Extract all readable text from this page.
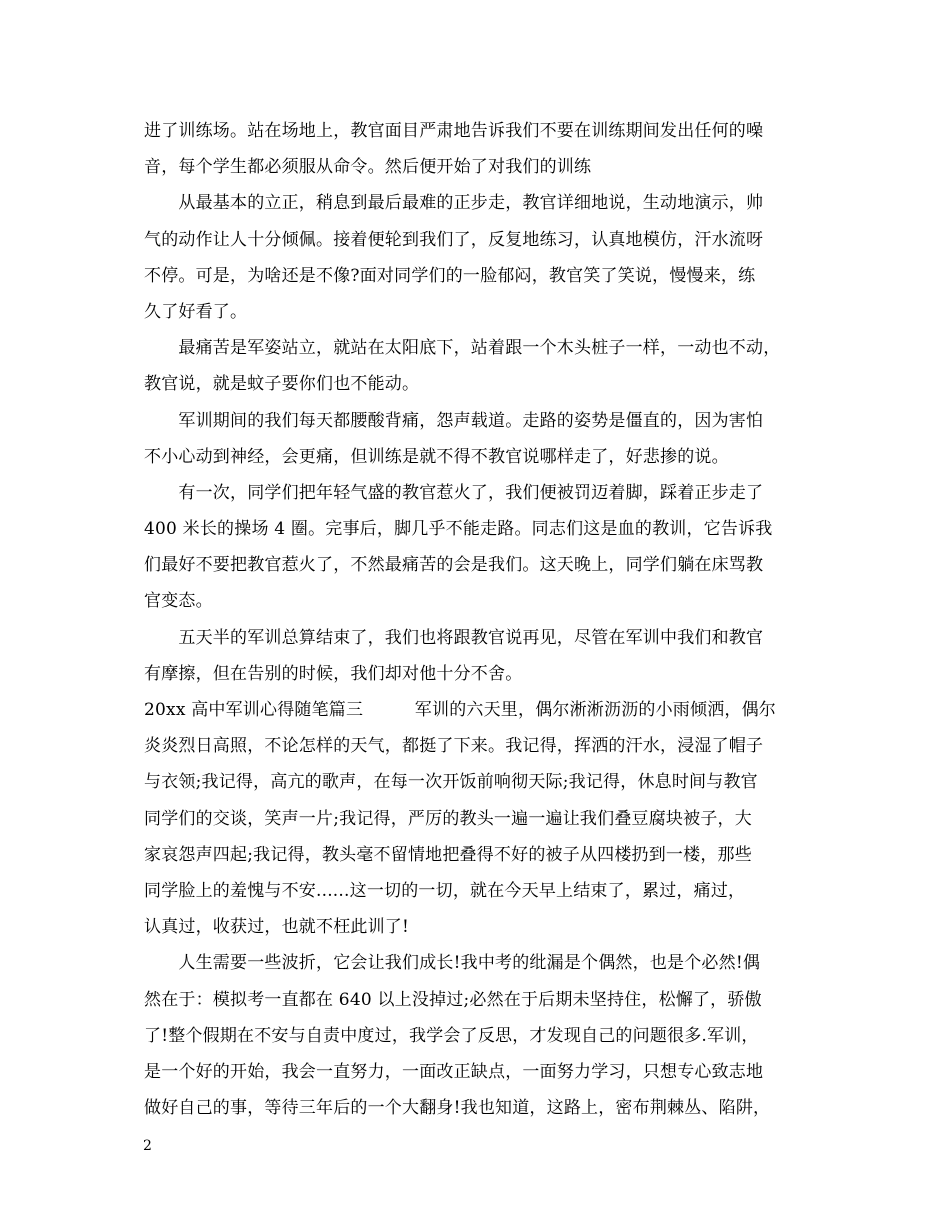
进了训练场。站在场地上，教官面目严肃地告诉我们不要在训练期间发出任何的噪
音，每个学生都必须服从命令。然后便开始了对我们的训练
　　从最基本的立正，稍息到最后最难的正步走，教官详细地说，生动地演示，帅
气的动作让人十分倾佩。接着便轮到我们了，反复地练习，认真地模仿，汗水流呀
不停。可是，为啥还是不像?面对同学们的一脸郁闷，教官笑了笑说，慢慢来，练
久了好看了。
　　最痛苦是军姿站立，就站在太阳底下，站着跟一个木头桩子一样，一动也不动，
教官说，就是蚊子要你们也不能动。
　　军训期间的我们每天都腰酸背痛，怨声载道。走路的姿势是僵直的，因为害怕
不小心动到神经，会更痛，但训练是就不得不教官说哪样走了，好悲掺的说。
　　有一次，同学们把年轻气盛的教官惹火了，我们便被罚迈着脚，踩着正步走了
400 米长的操场 4 圈。完事后，脚几乎不能走路。同志们这是血的教训，它告诉我
们最好不要把教官惹火了，不然最痛苦的会是我们。这天晚上，同学们躺在床骂教
官变态。
　　五天半的军训总算结束了，我们也将跟教官说再见，尽管在军训中我们和教官
有摩擦，但在告别的时候，我们却对他十分不舍。
20xx 高中军训心得随笔篇三　　　军训的六天里，偶尔淅淅沥沥的小雨倾洒，偶尔
炎炎烈日高照，不论怎样的天气，都挺了下来。我记得，挥洒的汗水，浸湿了帽子
与衣领;我记得，高亢的歌声，在每一次开饭前响彻天际;我记得，休息时间与教官
同学们的交谈，笑声一片;我记得，严厉的教头一遍一遍让我们叠豆腐块被子，大
家哀怨声四起;我记得，教头毫不留情地把叠得不好的被子从四楼扔到一楼，那些
同学脸上的羞愧与不安......这一切的一切，就在今天早上结束了，累过，痛过，
认真过，收获过，也就不枉此训了!
　　人生需要一些波折，它会让我们成长!我中考的纰漏是个偶然，也是个必然!偶
然在于：模拟考一直都在 640 以上没掉过;必然在于后期未坚持住，松懈了，骄傲
了!整个假期在不安与自责中度过，我学会了反思，才发现自己的问题很多.军训，
是一个好的开始，我会一直努力，一面改正缺点，一面努力学习，只想专心致志地
做好自己的事，等待三年后的一个大翻身!我也知道，这路上，密布荆棘丛、陷阱，
2
